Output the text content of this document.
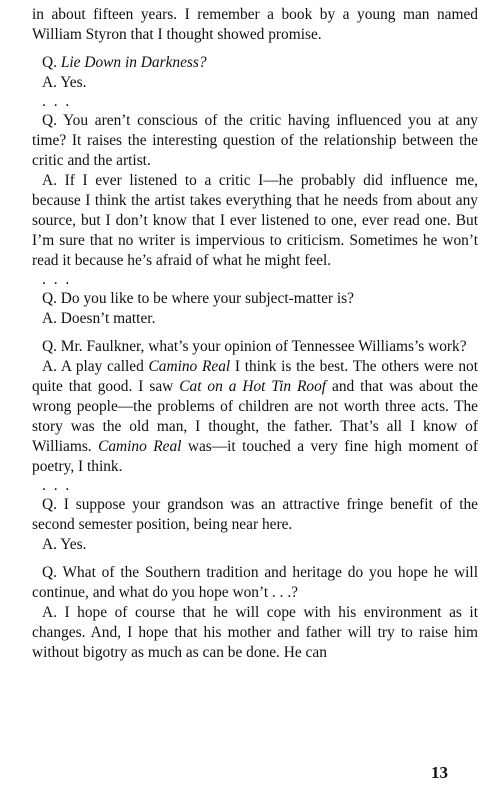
in about fifteen years. I remember a book by a young man named William Styron that I thought showed promise.

Q. Lie Down in Darkness?

A. Yes.

. . .

Q. You aren’t conscious of the critic having influenced you at any time? It raises the interesting question of the relationship between the critic and the artist.

A. If I ever listened to a critic I—he probably did influence me, because I think the artist takes everything that he needs from about any source, but I don’t know that I ever listened to one, ever read one. But I’m sure that no writer is impervious to criticism. Sometimes he won’t read it because he’s afraid of what he might feel.

. . .

Q. Do you like to be where your subject-matter is?

A. Doesn’t matter.

Q. Mr. Faulkner, what’s your opinion of Tennessee Williams’s work?

A. A play called Camino Real I think is the best. The others were not quite that good. I saw Cat on a Hot Tin Roof and that was about the wrong people—the problems of children are not worth three acts. The story was the old man, I thought, the father. That’s all I know of Williams. Camino Real was—it touched a very fine high moment of poetry, I think.

. . .

Q. I suppose your grandson was an attractive fringe benefit of the second semester position, being near here.

A. Yes.

Q. What of the Southern tradition and heritage do you hope he will continue, and what do you hope won’t . . .?

A. I hope of course that he will cope with his environment as it changes. And, I hope that his mother and father will try to raise him without bigotry as much as can be done. He can

13
